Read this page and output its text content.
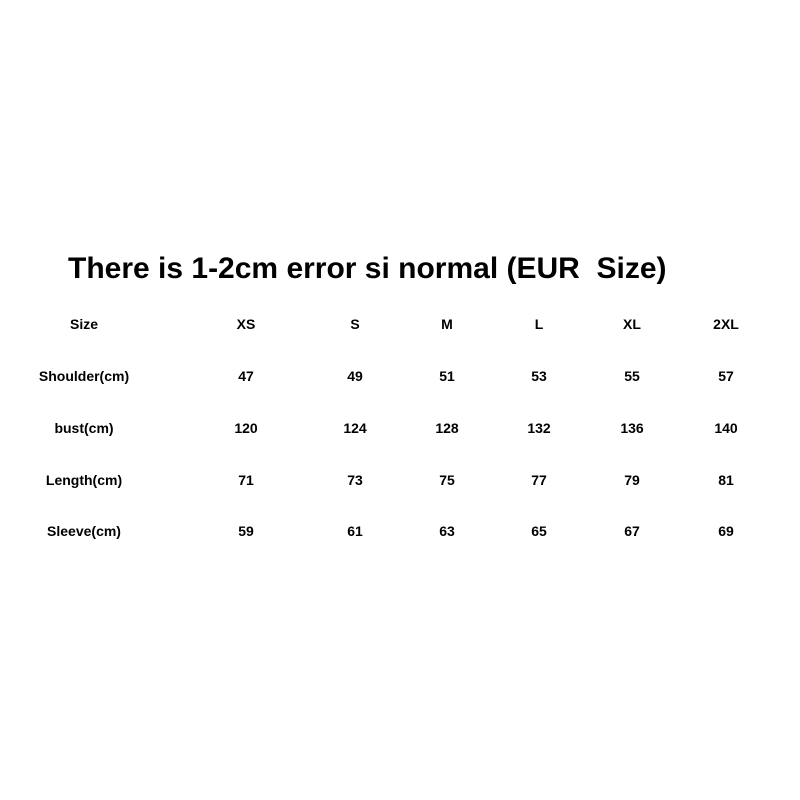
There is 1-2cm error si normal (EUR  Size)
Size	XS	S	M	L	XL	2XL
Shoulder(cm)	47	49	51	53	55	57
bust(cm)	120	124	128	132	136	140
Length(cm)	71	73	75	77	79	81
Sleeve(cm)	59	61	63	65	67	69
